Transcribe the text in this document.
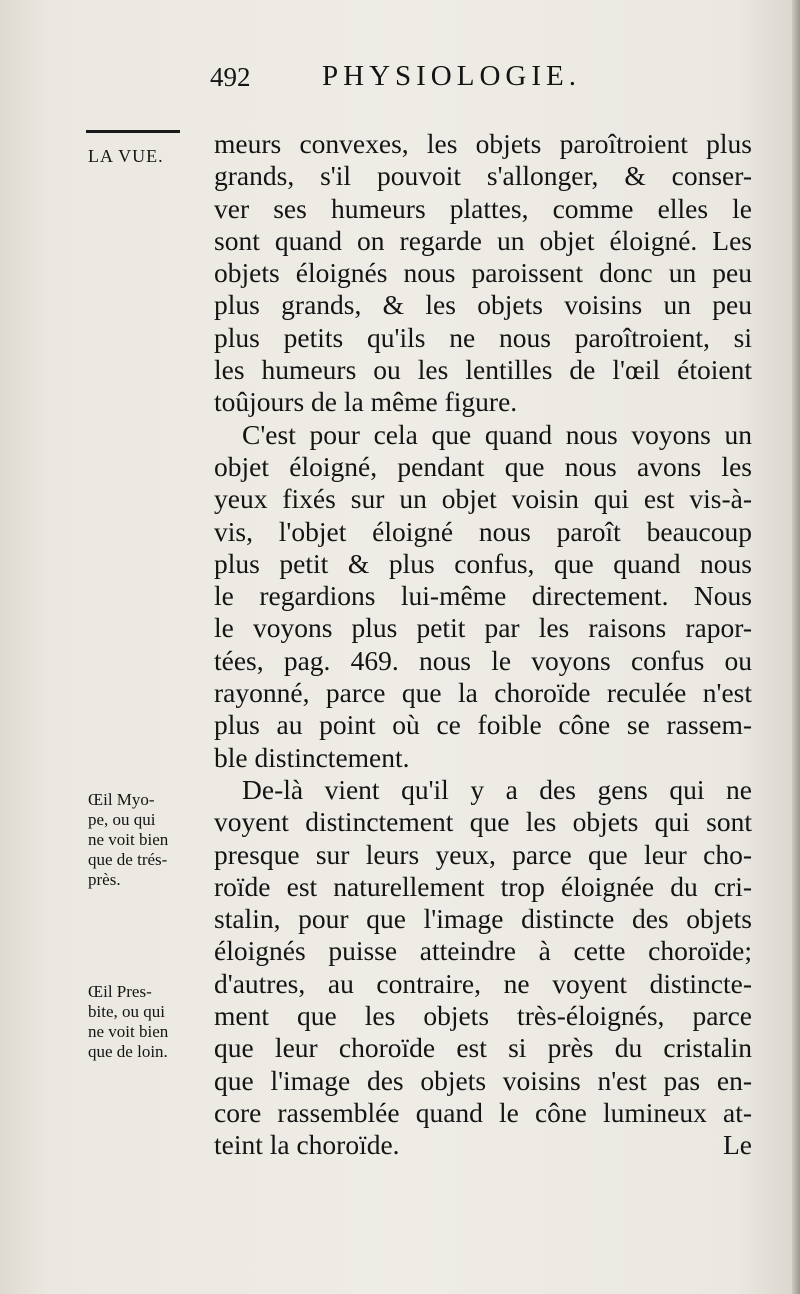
492 PHYSIOLOGIE.
LA VUE.
Œil Myo-
pe, ou qui
ne voit bien
que de trés-
près.
Œil Pres-
bite, ou qui
ne voit bien
que de loin.
meurs convexes, les objets paroîtroient plus
grands, s'il pouvoit s'allonger, & conser-
ver ses humeurs plattes, comme elles le
sont quand on regarde un objet éloigné. Les
objets éloignés nous paroissent donc un peu
plus grands, & les objets voisins un peu
plus petits qu'ils ne nous paroîtroient, si
les humeurs ou les lentilles de l'œil étoient
toûjours de la même figure.
C'est pour cela que quand nous voyons un
objet éloigné, pendant que nous avons les
yeux fixés sur un objet voisin qui est vis-à-
vis, l'objet éloigné nous paroît beaucoup
plus petit & plus confus, que quand nous
le regardions lui-même directement. Nous
le voyons plus petit par les raisons rapor-
tées, pag. 469. nous le voyons confus ou
rayonné, parce que la choroïde reculée n'est
plus au point où ce foible cône se rassem-
ble distinctement.
De-là vient qu'il y a des gens qui ne
voyent distinctement que les objets qui sont
presque sur leurs yeux, parce que leur cho-
roïde est naturellement trop éloignée du cri-
stalin, pour que l'image distincte des objets
éloignés puisse atteindre à cette choroïde;
d'autres, au contraire, ne voyent distincte-
ment que les objets très-éloignés, parce
que leur choroïde est si près du cristalin
que l'image des objets voisins n'est pas en-
core rassemblée quand le cône lumineux at-
teint la choroïde.	Le
